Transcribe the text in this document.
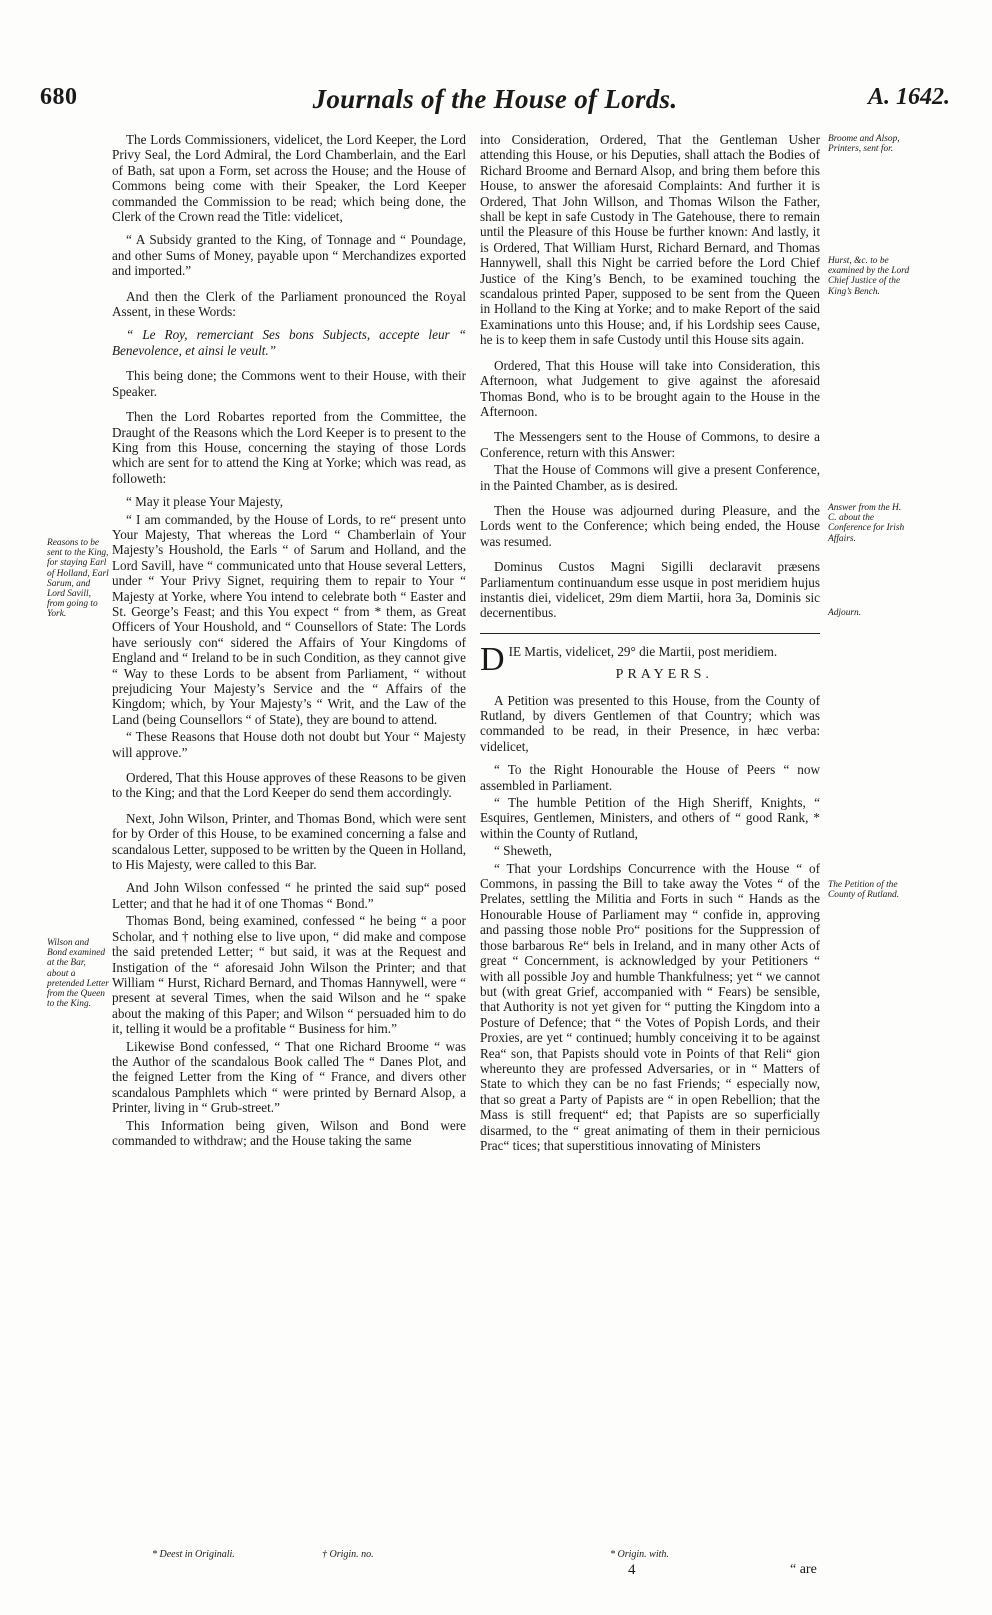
680	Journals of the House of Lords.	A. 1642.

The Lords Commissioners, videlicet, the Lord Keeper, the Lord Privy Seal, the Lord Admiral, the Lord Chamberlain, and the Earl of Bath, sat upon a Form, set across the House; and the House of Commons being come with their Speaker, the Lord Keeper commanded the Commission to be read; which being done, the Clerk of the Crown read the Title: videlicet,

“ A Subsidy granted to the King, of Tonnage and “ Poundage, and other Sums of Money, payable upon “ Merchandizes exported and imported.”

And then the Clerk of the Parliament pronounced the Royal Assent, in these Words:

“ Le Roy, remerciant Ses bons Subjects, accepte leur “ Benevolence, et ainsi le veult.”

This being done; the Commons went to their House, with their Speaker.

Then the Lord Robartes reported from the Committee, the Draught of the Reasons which the Lord Keeper is to present to the King from this House, concerning the staying of those Lords which are sent for to attend the King at Yorke; which was read, as followeth:

“ May it please Your Majesty,

“ I am commanded, by the House of Lords, to re“ present unto Your Majesty, That whereas the Lord “ Chamberlain of Your Majesty’s Houshold, the Earls “ of Sarum and Holland, and the Lord Savill, have “ communicated unto that House several Letters, under “ Your Privy Signet, requiring them to repair to Your “ Majesty at Yorke, where You intend to celebrate both “ Easter and St. George’s Feast; and this You expect “ from * them, as Great Officers of Your Houshold, and “ Counsellors of State: The Lords have seriously con“ sidered the Affairs of Your Kingdoms of England and “ Ireland to be in such Condition, as they cannot give “ Way to these Lords to be absent from Parliament, “ without prejudicing Your Majesty’s Service and the “ Affairs of the Kingdom; which, by Your Majesty’s “ Writ, and the Law of the Land (being Counsellors “ of State), they are bound to attend.

“ These Reasons that House doth not doubt but Your “ Majesty will approve.”

Ordered, That this House approves of these Reasons to be given to the King; and that the Lord Keeper do send them accordingly.

Next, John Wilson, Printer, and Thomas Bond, which were sent for by Order of this House, to be examined concerning a false and scandalous Letter, supposed to be written by the Queen in Holland, to His Majesty, were called to this Bar.

And John Wilson confessed “ he printed the said sup“ posed Letter; and that he had it of one Thomas “ Bond.”

Thomas Bond, being examined, confessed “ he being “ a poor Scholar, and † nothing else to live upon, “ did make and compose the said pretended Letter; “ but said, it was at the Request and Instigation of the “ aforesaid John Wilson the Printer; and that William “ Hurst, Richard Bernard, and Thomas Hannywell, were “ present at several Times, when the said Wilson and he “ spake about the making of this Paper; and Wilson “ persuaded him to do it, telling it would be a profitable “ Business for him.”

Likewise Bond confessed, “ That one Richard Broome “ was the Author of the scandalous Book called The “ Danes Plot, and the feigned Letter from the King of “ France, and divers other scandalous Pamphlets which “ were printed by Bernard Alsop, a Printer, living in “ Grub-street.”

This Information being given, Wilson and Bond were commanded to withdraw; and the House taking the same

into Consideration, Ordered, That the Gentleman Usher attending this House, or his Deputies, shall attach the Bodies of Richard Broome and Bernard Alsop, and bring them before this House, to answer the aforesaid Complaints: And further it is Ordered, That John Willson, and Thomas Wilson the Father, shall be kept in safe Custody in The Gatehouse, there to remain until the Pleasure of this House be further known: And lastly, it is Ordered, That William Hurst, Richard Bernard, and Thomas Hannywell, shall this Night be carried before the Lord Chief Justice of the King’s Bench, to be examined touching the scandalous printed Paper, supposed to be sent from the Queen in Holland to the King at Yorke; and to make Report of the said Examinations unto this House; and, if his Lordship sees Cause, he is to keep them in safe Custody until this House sits again.

Ordered, That this House will take into Consideration, this Afternoon, what Judgement to give against the aforesaid Thomas Bond, who is to be brought again to the House in the Afternoon.

The Messengers sent to the House of Commons, to desire a Conference, return with this Answer:

That the House of Commons will give a present Conference, in the Painted Chamber, as is desired.

Then the House was adjourned during Pleasure, and the Lords went to the Conference; which being ended, the House was resumed.

Dominus Custos Magni Sigilli declaravit præsens Parliamentum continuandum esse usque in post meridiem hujus instantis diei, videlicet, 29m diem Martii, hora 3a, Dominis sic decernentibus.

DIE Martis, videlicet, 29° die Martii, post meridiem.

PRAYERS.

A Petition was presented to this House, from the County of Rutland, by divers Gentlemen of that Country; which was commanded to be read, in their Presence, in hæc verba: videlicet,

“ To the Right Honourable the House of Peers “ now assembled in Parliament.

“ The humble Petition of the High Sheriff, Knights, “ Esquires, Gentlemen, Ministers, and others of “ good Rank, * within the County of Rutland,

“ Sheweth,

“ That your Lordships Concurrence with the House “ of Commons, in passing the Bill to take away the Votes “ of the Prelates, settling the Militia and Forts in such “ Hands as the Honourable House of Parliament may “ confide in, approving and passing those noble Pro“ positions for the Suppression of those barbarous Re“ bels in Ireland, and in many other Acts of great “ Concernment, is acknowledged by your Petitioners “ with all possible Joy and humble Thankfulness; yet “ we cannot but (with great Grief, accompanied with “ Fears) be sensible, that Authority is not yet given for “ putting the Kingdom into a Posture of Defence; that “ the Votes of Popish Lords, and their Proxies, are yet “ continued; humbly conceiving it to be against Rea“ son, that Papists should vote in Points of that Reli“ gion whereunto they are professed Adversaries, or in “ Matters of State to which they can be no fast Friends; “ especially now, that so great a Party of Papists are “ in open Rebellion; that the Mass is still frequent“ ed; that Papists are so superficially disarmed, to the “ great animating of them in their pernicious Prac“ tices; that superstitious innovating of Ministers

Reasons to be sent to the King, for staying Earl of Holland, Earl Sarum, and Lord Savill, from going to York.
Wilson and Bond examined at the Bar, about a pretended Letter from the Queen to the King.
Broome and Alsop, Printers, sent for.
Hurst, &c. to be examined by the Lord Chief Justice of the King’s Bench.
Answer from the H. C. about the Conference for Irish Affairs.
Adjourn.
The Petition of the County of Rutland.
* Deest in Originali.	† Origin. no.	* Origin. with.
4	“ are
